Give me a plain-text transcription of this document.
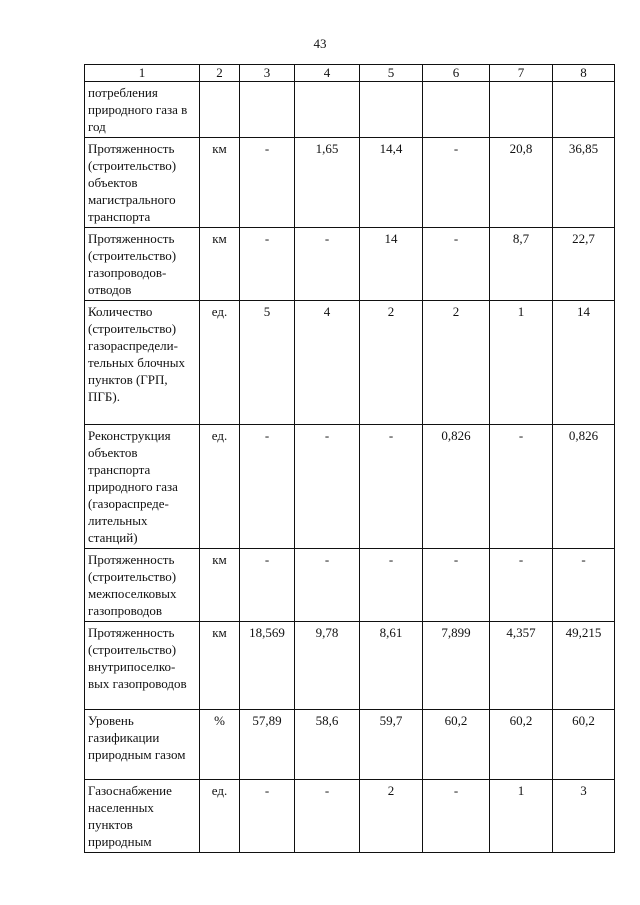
43
1	2	3	4	5	6	7	8
потребления природного газа в год							
Протяженность (строительство) объектов магистрального транспорта	км	-	1,65	14,4	-	20,8	36,85
Протяженность (строительство) газопроводов-отводов	км	-	-	14	-	8,7	22,7
Количество (строительство) газораспредели-тельных блочных пунктов (ГРП, ПГБ).	ед.	5	4	2	2	1	14
Реконструкция объектов транспорта природного газа (газораспреде-лительных станций)	ед.	-	-	-	0,826	-	0,826
Протяженность (строительство) межпоселковых газопроводов	км	-	-	-	-	-	-
Протяженность (строительство) внутрипоселко-вых газопроводов	км	18,569	9,78	8,61	7,899	4,357	49,215
Уровень газификации природным газом	%	57,89	58,6	59,7	60,2	60,2	60,2
Газоснабжение населенных пунктов природным	ед.	-	-	2	-	1	3
